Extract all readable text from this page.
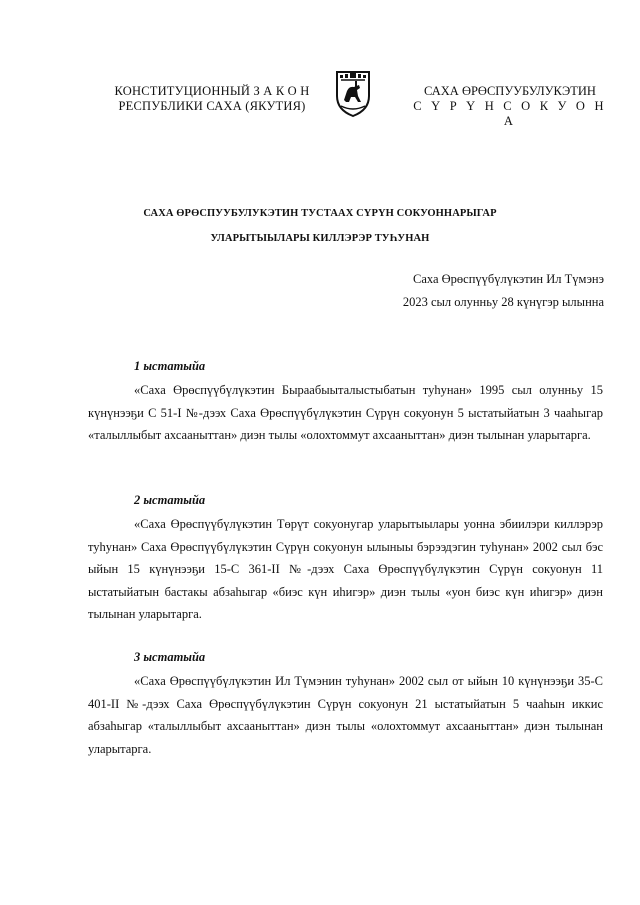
КОНСТИТУЦИОННЫЙ З А К О Н
РЕСПУБЛИКИ САХА (ЯКУТИЯ)
САХА ӨРӨСПУУБУЛУКЭТИН
С Ү Р Ү Н С О К У О Н А
САХА ӨРӨСПУУБУЛУКЭТИН ТУСТААХ СҮРҮН СОКУОННАРЫГАР
УЛАРЫТЫЫЛАРЫ КИЛЛЭРЭР ТУҺУНАН
Саха Өрөспүүбүлүкэтин Ил Түмэнэ
2023 сыл олунньу 28 күнүгэр ылынна
1 ыстатыйа
«Саха Өрөспүүбүлүкэтин Быраабыыталыстыбатын туһунан» 1995 сыл олунньу 15 күнүнээҕи С 51-I №-дээх Саха Өрөспүүбүлүкэтин Сүрүн сокуонун 5 ыстатыйатын 3 чааһыгар «талыллыбыт ахсааныттан» диэн тылы «олохтоммут ахсааныттан» диэн тылынан уларытарга.
2 ыстатыйа
«Саха Өрөспүүбүлүкэтин Төрүт сокуонугар уларытыылары уонна эбиилэри киллэрэр туһунан» Саха Өрөспүүбүлүкэтин Сүрүн сокуонун ылыныы бэрээдэгин туһунан» 2002 сыл бэс ыйын 15 күнүнээҕи 15-С 361-II №-дээх Саха Өрөспүүбүлүкэтин Сүрүн сокуонун 11 ыстатыйатын бастакы абзаһыгар «биэс күн иһигэр» диэн тылы «уон биэс күн иһигэр» диэн тылынан уларытарга.
3 ыстатыйа
«Саха Өрөспүүбүлүкэтин Ил Түмэнин туһунан» 2002 сыл от ыйын 10 күнүнээҕи 35-С 401-II №-дээх Саха Өрөспүүбүлүкэтин Сүрүн сокуонун 21 ыстатыйатын 5 чааһын иккис абзаһыгар «талыллыбыт ахсааныттан» диэн тылы «олохтоммут ахсааныттан» диэн тылынан уларытарга.
